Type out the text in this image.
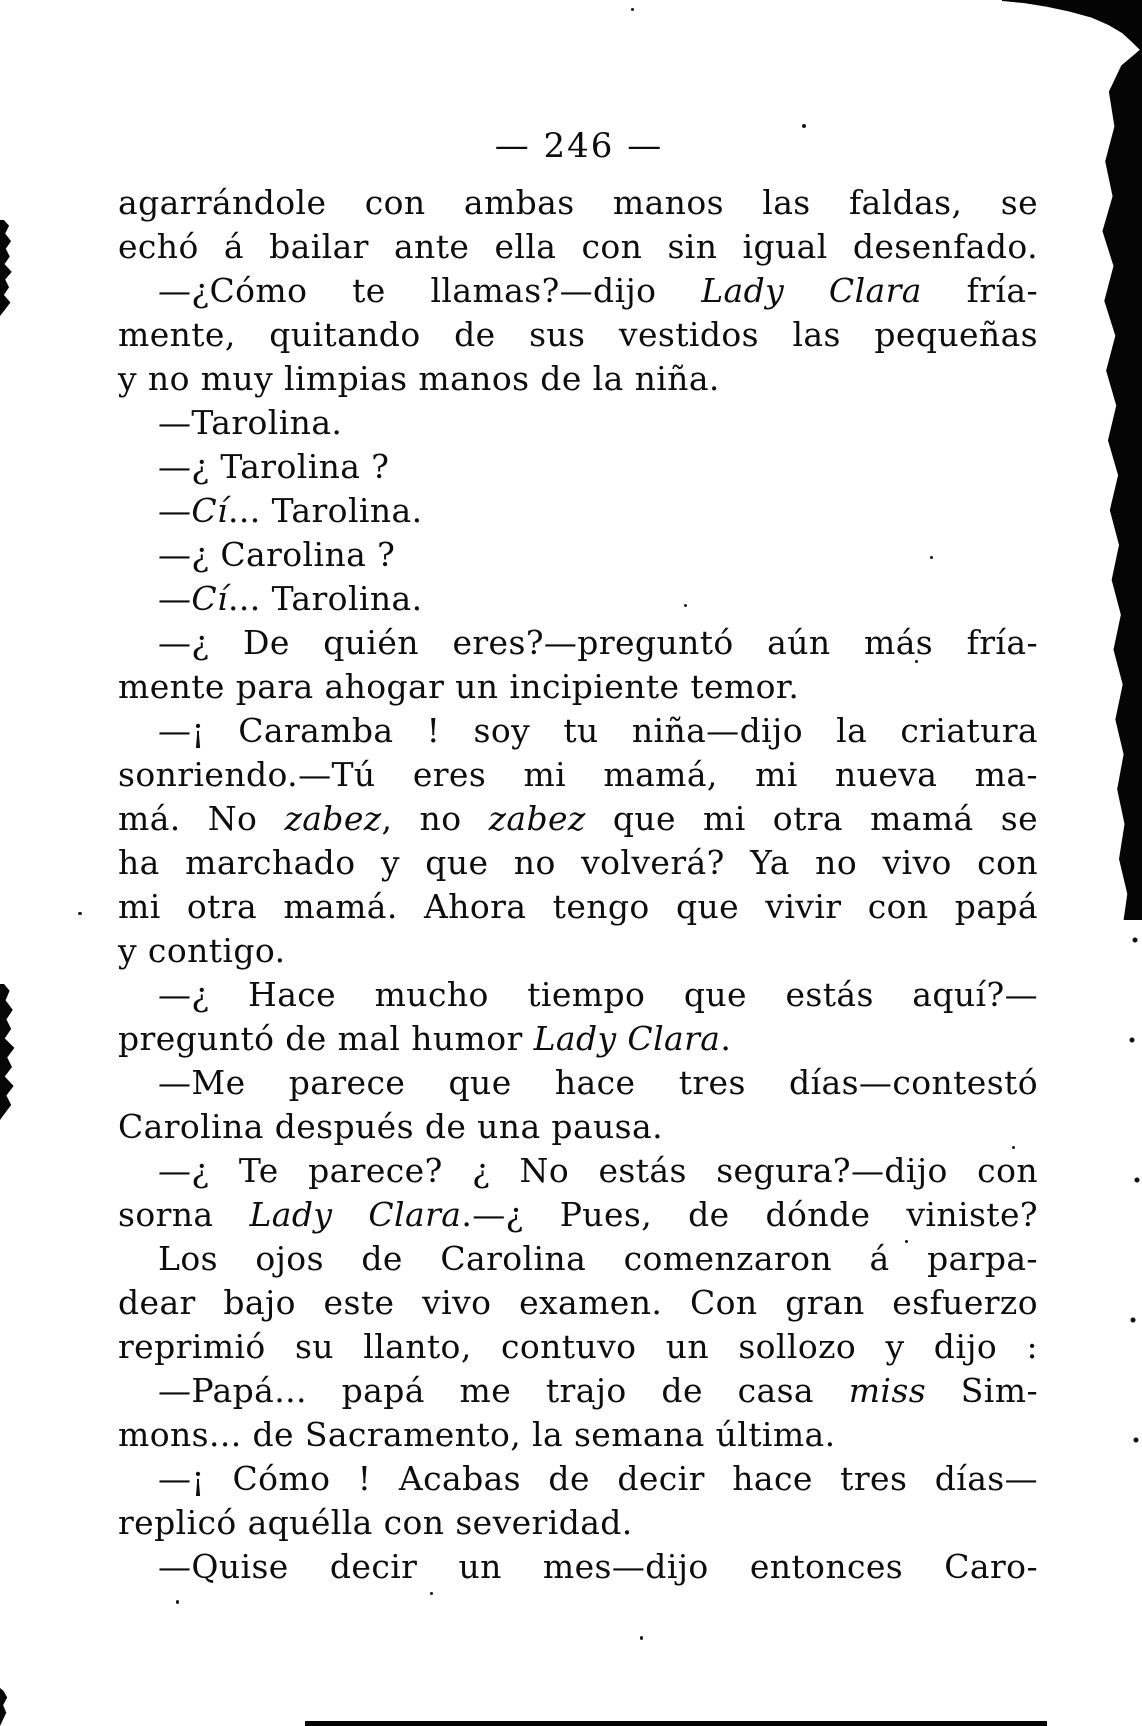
— 246 —
agarrándole con ambas manos las faldas, se
echó á bailar ante ella con sin igual desenfado.
—¿Cómo te llamas?—dijo Lady Clara fría-
mente, quitando de sus vestidos las pequeñas
y no muy limpias manos de la niña.
—Tarolina.
—¿ Tarolina ?
—Cí... Tarolina.
—¿ Carolina ?
—Cí... Tarolina.
—¿ De quién eres?—preguntó aún más fría-
mente para ahogar un incipiente temor.
—¡ Caramba ! soy tu niña—dijo la criatura
sonriendo.—Tú eres mi mamá, mi nueva ma-
má. No zabez, no zabez que mi otra mamá se
ha marchado y que no volverá? Ya no vivo con
mi otra mamá. Ahora tengo que vivir con papá
y contigo.
—¿ Hace mucho tiempo que estás aquí?—
preguntó de mal humor Lady Clara.
—Me parece que hace tres días—contestó
Carolina después de una pausa.
—¿ Te parece? ¿ No estás segura?—dijo con
sorna Lady Clara.—¿ Pues, de dónde viniste?
Los ojos de Carolina comenzaron á parpa-
dear bajo este vivo examen. Con gran esfuerzo
reprimió su llanto, contuvo un sollozo y dijo :
—Papá... papá me trajo de casa miss Sim-
mons... de Sacramento, la semana última.
—¡ Cómo ! Acabas de decir hace tres días—
replicó aquélla con severidad.
—Quise decir un mes—dijo entonces Caro-
